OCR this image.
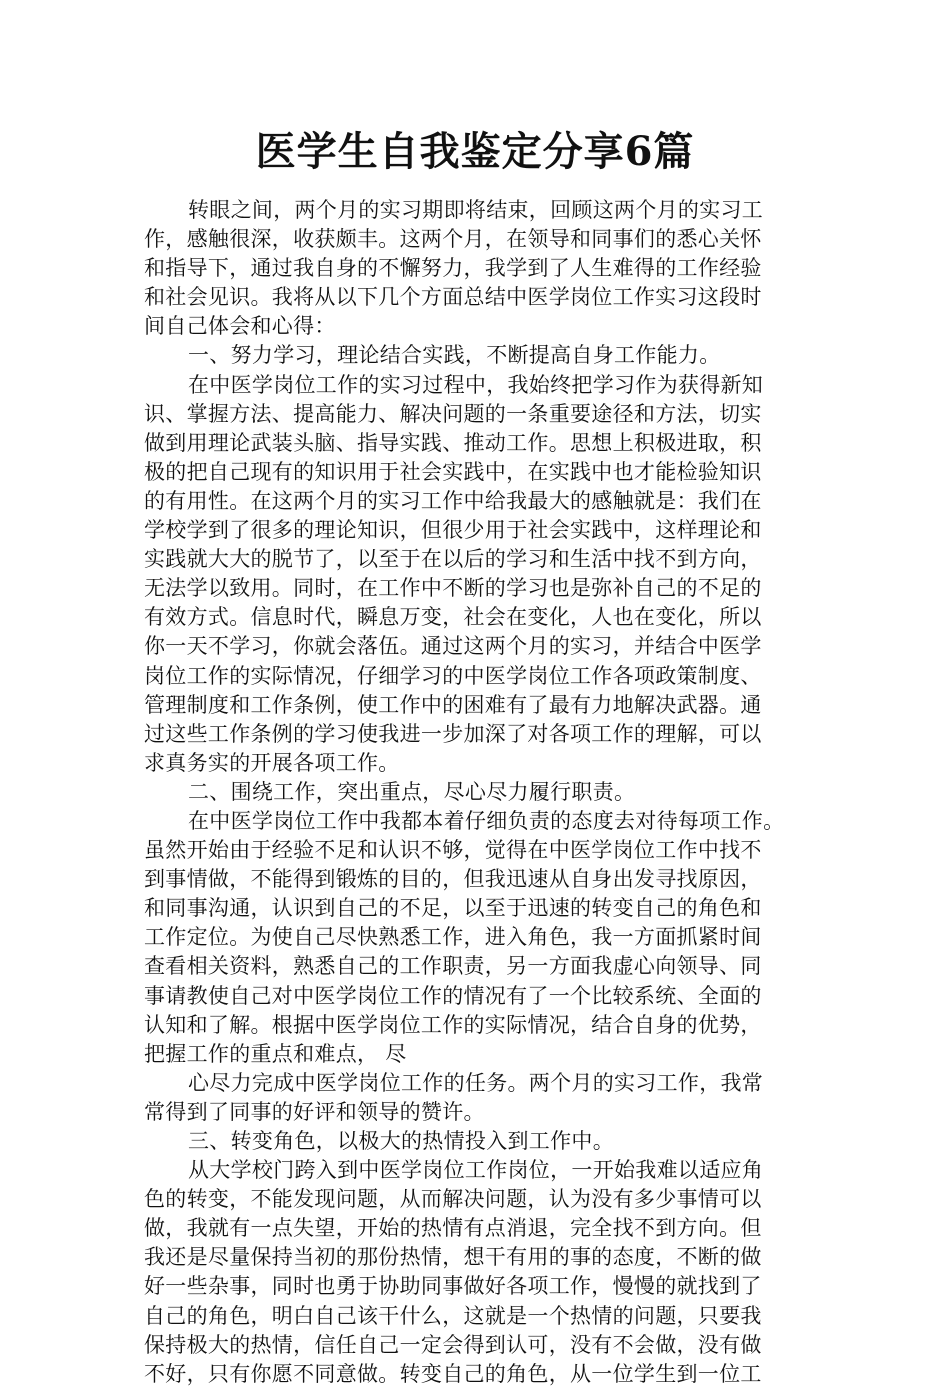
医学生自我鉴定分享6篇
转眼之间，两个月的实习期即将结束，回顾这两个月的实习工
作，感触很深，收获颇丰。这两个月，在领导和同事们的悉心关怀
和指导下，通过我自身的不懈努力，我学到了人生难得的工作经验
和社会见识。我将从以下几个方面总结中医学岗位工作实习这段时
间自己体会和心得：
一、努力学习，理论结合实践，不断提高自身工作能力。
在中医学岗位工作的实习过程中，我始终把学习作为获得新知
识、掌握方法、提高能力、解决问题的一条重要途径和方法，切实
做到用理论武装头脑、指导实践、推动工作。思想上积极进取，积
极的把自己现有的知识用于社会实践中，在实践中也才能检验知识
的有用性。在这两个月的实习工作中给我最大的感触就是：我们在
学校学到了很多的理论知识，但很少用于社会实践中，这样理论和
实践就大大的脱节了，以至于在以后的学习和生活中找不到方向，
无法学以致用。同时，在工作中不断的学习也是弥补自己的不足的
有效方式。信息时代，瞬息万变，社会在变化，人也在变化，所以
你一天不学习，你就会落伍。通过这两个月的实习，并结合中医学
岗位工作的实际情况，仔细学习的中医学岗位工作各项政策制度、
管理制度和工作条例，使工作中的困难有了最有力地解决武器。通
过这些工作条例的学习使我进一步加深了对各项工作的理解，可以
求真务实的开展各项工作。
二、围绕工作，突出重点，尽心尽力履行职责。
在中医学岗位工作中我都本着仔细负责的态度去对待每项工作。
虽然开始由于经验不足和认识不够，觉得在中医学岗位工作中找不
到事情做，不能得到锻炼的目的，但我迅速从自身出发寻找原因，
和同事沟通，认识到自己的不足，以至于迅速的转变自己的角色和
工作定位。为使自己尽快熟悉工作，进入角色，我一方面抓紧时间
查看相关资料，熟悉自己的工作职责，另一方面我虚心向领导、同
事请教使自己对中医学岗位工作的情况有了一个比较系统、全面的
认知和了解。根据中医学岗位工作的实际情况，结合自身的优势，
把握工作的重点和难点， 尽
心尽力完成中医学岗位工作的任务。两个月的实习工作，我常
常得到了同事的好评和领导的赞许。
三、转变角色，以极大的热情投入到工作中。
从大学校门跨入到中医学岗位工作岗位，一开始我难以适应角
色的转变，不能发现问题，从而解决问题，认为没有多少事情可以
做，我就有一点失望，开始的热情有点消退，完全找不到方向。但
我还是尽量保持当初的那份热情，想干有用的事的态度，不断的做
好一些杂事，同时也勇于协助同事做好各项工作，慢慢的就找到了
自己的角色，明白自己该干什么，这就是一个热情的问题，只要我
保持极大的热情，信任自己一定会得到认可，没有不会做，没有做
不好，只有你愿不同意做。转变自己的角色，从一位学生到一位工
